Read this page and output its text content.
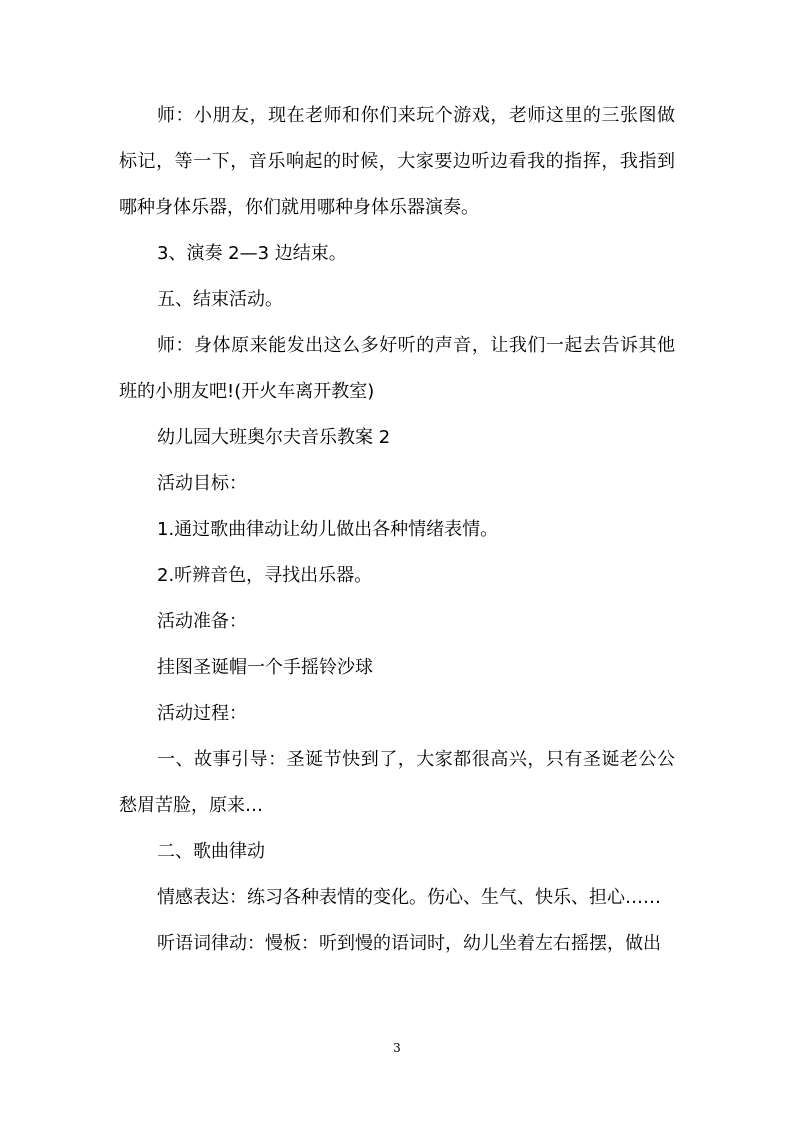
师：小朋友，现在老师和你们来玩个游戏，老师这里的三张图做标记，等一下，音乐响起的时候，大家要边听边看我的指挥，我指到哪种身体乐器，你们就用哪种身体乐器演奏。

3、演奏 2—3 边结束。

五、结束活动。

师：身体原来能发出这么多好听的声音，让我们一起去告诉其他班的小朋友吧!(开火车离开教室)

幼儿园大班奥尔夫音乐教案 2

活动目标：

1.通过歌曲律动让幼儿做出各种情绪表情。

2.听辨音色，寻找出乐器。

活动准备：

挂图圣诞帽一个手摇铃沙球

活动过程：

一、故事引导：圣诞节快到了，大家都很高兴，只有圣诞老公公愁眉苦脸，原来…

二、歌曲律动

情感表达：练习各种表情的变化。伤心、生气、快乐、担心……

听语词律动：慢板：听到慢的语词时，幼儿坐着左右摇摆，做出

3
